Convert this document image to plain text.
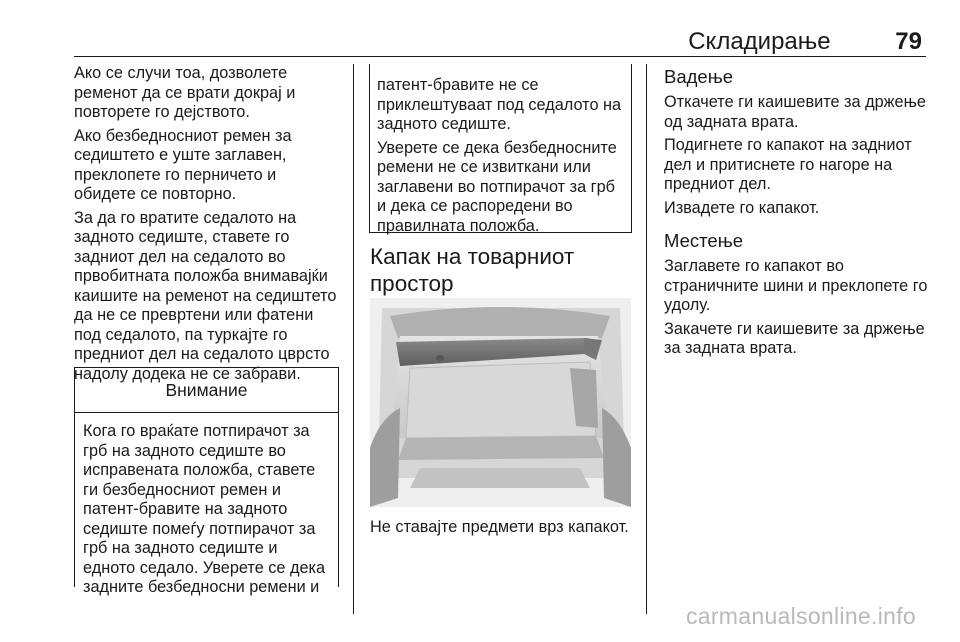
Складирање	79

Ако се случи тоа, дозволете ременот да се врати докрај и повторете го дејството.

Ако безбедносниот ремен за седиштето е уште заглавен, преклопете го перничето и обидете се повторно.

За да го вратите седалото на задното седиште, ставете го задниот дел на седалото во првобитната положба внимавајќи каишите на ременот на седиштето да не се превртени или фатени под седалото, па туркајте го предниот дел на седалото цврсто надолу додека не се забрави.

Внимание
Кога го враќате потпирачот за грб на задното седиште во исправената положба, ставете ги безбедносниот ремен и патент-бравите на задното седиште помеѓу потпирачот за грб на задното седиште и едното седало. Уверете се дека задните безбедносни ремени и

патент-бравите не се приклештуваат под седалото на задното седиште.

Уверете се дека безбедносните ремени не се извиткани или заглавени во потпирачот за грб и дека се распоредени во правилната положба.

Капак на товарниот простор
Не ставајте предмети врз капакот.
Вадење

Откачете ги каишевите за држење од задната врата.

Подигнете го капакот на задниот дел и притиснете го нагоре на предниот дел.

Извадете го капакот.

Местење

Заглавете го капакот во страничните шини и преклопете го удолу.

Закачете ги каишевите за држење за задната врата.

carmanualsonline.info
